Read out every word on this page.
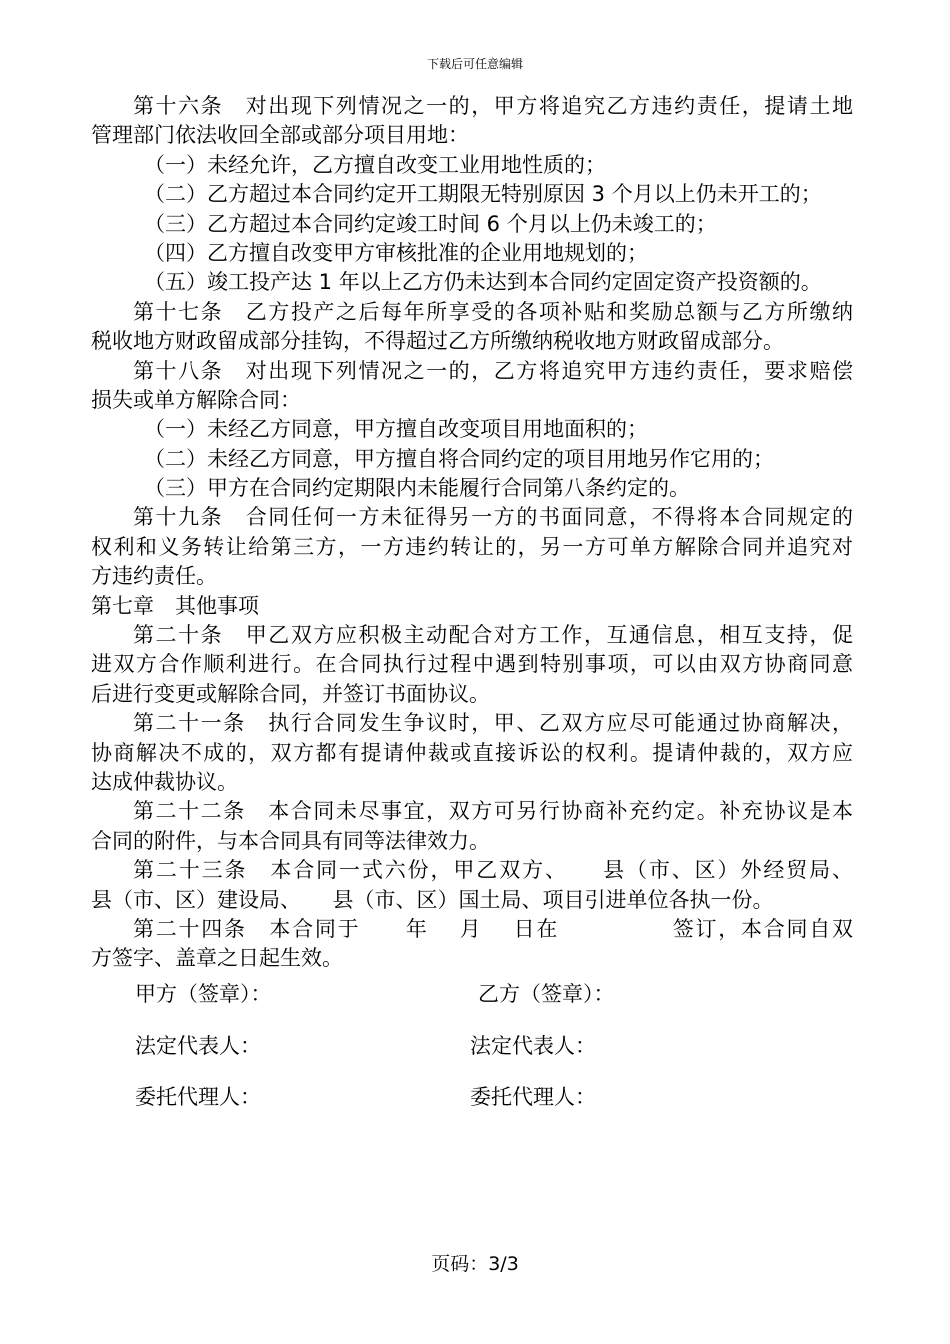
下载后可任意编辑
第十六条　对出现下列情况之一的，甲方将追究乙方违约责任，提请土地
管理部门依法收回全部或部分项目用地：
（一）未经允许，乙方擅自改变工业用地性质的；
（二）乙方超过本合同约定开工期限无特别原因 3 个月以上仍未开工的；
（三）乙方超过本合同约定竣工时间 6 个月以上仍未竣工的；
（四）乙方擅自改变甲方审核批准的企业用地规划的；
（五）竣工投产达 1 年以上乙方仍未达到本合同约定固定资产投资额的。
第十七条　乙方投产之后每年所享受的各项补贴和奖励总额与乙方所缴纳
税收地方财政留成部分挂钩，不得超过乙方所缴纳税收地方财政留成部分。
第十八条　对出现下列情况之一的，乙方将追究甲方违约责任，要求赔偿
损失或单方解除合同：
（一）未经乙方同意，甲方擅自改变项目用地面积的；
（二）未经乙方同意，甲方擅自将合同约定的项目用地另作它用的；
（三）甲方在合同约定期限内未能履行合同第八条约定的。
第十九条　合同任何一方未征得另一方的书面同意，不得将本合同规定的
权利和义务转让给第三方，一方违约转让的，另一方可单方解除合同并追究对
方违约责任。
第七章　其他事项
第二十条　甲乙双方应积极主动配合对方工作，互通信息，相互支持，促
进双方合作顺利进行。在合同执行过程中遇到特别事项，可以由双方协商同意
后进行变更或解除合同，并签订书面协议。
第二十一条　执行合同发生争议时，甲、乙双方应尽可能通过协商解决，
协商解决不成的，双方都有提请仲裁或直接诉讼的权利。提请仲裁的，双方应
达成仲裁协议。
第二十二条　本合同未尽事宜，双方可另行协商补充约定。补充协议是本
合同的附件，与本合同具有同等法律效力。
第二十三条　本合同一式六份，甲乙双方、　　县（市、区）外经贸局、
县（市、区）建设局、　　县（市、区）国土局、项目引进单位各执一份。
第二十四条　本合同于　　年　 月　 日在　　　　　签订，本合同自双
方签字、盖章之日起生效。
甲方（签章）：	乙方（签章）：
法定代表人：	法定代表人：
委托代理人：	委托代理人：
页码：3/3
